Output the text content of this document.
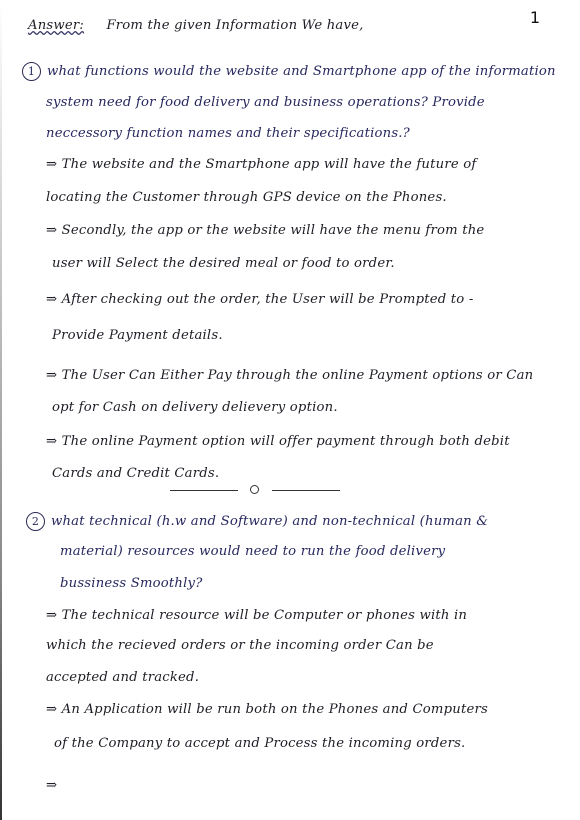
1
Answer: From the given Information We have,
1 what functions would the website and Smartphone app of the information
system need for food delivery and business operations? Provide
neccessory function names and their specifications.?
⇒ The website and the Smartphone app will have the future of
locating the Customer through GPS device on the Phones.
⇒ Secondly, the app or the website will have the menu from the
user will Select the desired meal or food to order.
⇒ After checking out the order, the User will be Prompted to -
Provide Payment details.
⇒ The User Can Either Pay through the online Payment options or Can
opt for Cash on delivery delievery option.
⇒ The online Payment option will offer payment through both debit
Cards and Credit Cards.
2 what technical (h.w and Software) and non-technical (human &
material) resources would need to run the food delivery
bussiness Smoothly?
⇒ The technical resource will be Computer or phones with in
which the recieved orders or the incoming order Can be
accepted and tracked.
⇒ An Application will be run both on the Phones and Computers
of the Company to accept and Process the incoming orders.
⇒
